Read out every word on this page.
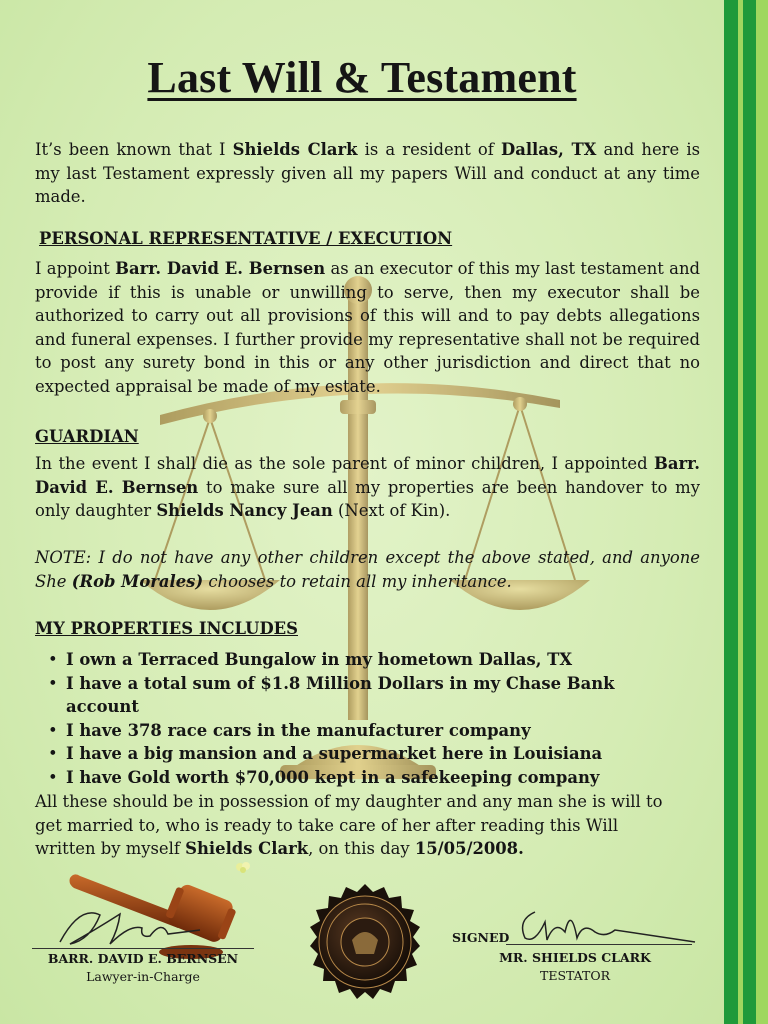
Last Will & Testament
It’s been known that I Shields Clark is a resident of Dallas, TX and here is my last Testament expressly given all my papers Will and conduct at any time made.
PERSONAL REPRESENTATIVE / EXECUTION
I appoint Barr. David E. Bernsen as an executor of this my last testament and provide if this is unable or unwilling to serve, then my executor shall be authorized to carry out all provisions of this will and to pay debts allegations and funeral expenses. I further provide my representative shall not be required to post any surety bond in this or any other jurisdiction and direct that no expected appraisal be made of my estate.
GUARDIAN
In the event I shall die as the sole parent of minor children, I appointed Barr. David E. Bernsen to make sure all my properties are been handover to my only daughter Shields Nancy Jean (Next of Kin).
NOTE: I do not have any other children except the above stated, and anyone She (Rob Morales) chooses to retain all my inheritance.
MY PROPERTIES INCLUDES
• I own a Terraced Bungalow in my hometown Dallas, TX
• I have a total sum of $1.8 Million Dollars in my Chase Bank account
• I have 378 race cars in the manufacturer company
• I have a big mansion and a supermarket here in Louisiana
• I have Gold worth $70,000 kept in a safekeeping company
All these should be in possession of my daughter and any man she is will to get married to, who is ready to take care of her after reading this Will written by myself Shields Clark, on this day 15/05/2008.
BARR. DAVID E. BERNSEN
Lawyer-in-Charge
SIGNED
MR. SHIELDS CLARK
TESTATOR
